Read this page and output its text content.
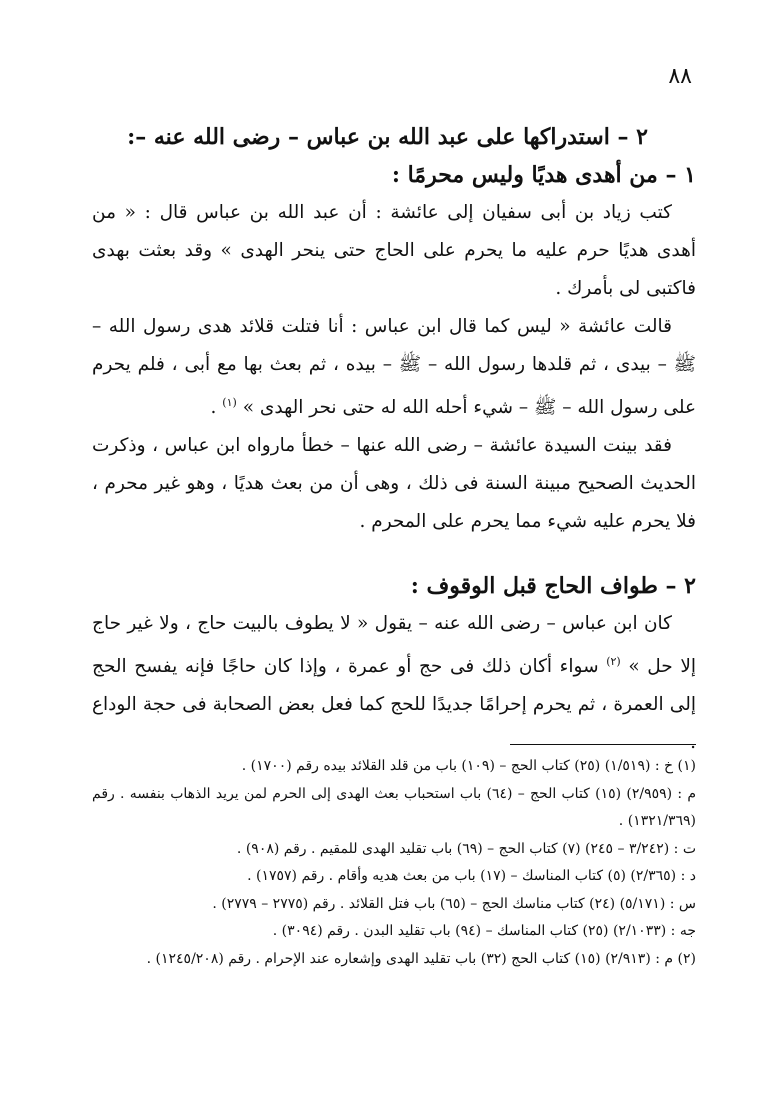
٨٨
٢ – استدراكها على عبد الله بن عباس – رضى الله عنه –:
١ – من أهدى هديًا وليس محرمًا :

كتب زياد بن أبى سفيان إلى عائشة : أن عبد الله بن عباس قال : « من أهدى هديًا حرم عليه ما يحرم على الحاج حتى ينحر الهدى » وقد بعثت بهدى فاكتبى لى بأمرك .

قالت عائشة « ليس كما قال ابن عباس : أنا فتلت قلائد هدى رسول الله – ﷺ – بيدى ، ثم قلدها رسول الله – ﷺ – بيده ، ثم بعث بها مع أبى ، فلم يحرم على رسول الله – ﷺ – شيء أحله الله له حتى نحر الهدى » $^{(١)}$ .

فقد بينت السيدة عائشة – رضى الله عنها – خطأ مارواه ابن عباس ، وذكرت الحديث الصحيح مبينة السنة فى ذلك ، وهى أن من بعث هديًا ، وهو غير محرم ، فلا يحرم عليه شيء مما يحرم على المحرم .

٢ – طواف الحاج قبل الوقوف :

كان ابن عباس – رضى الله عنه – يقول « لا يطوف بالبيت حاج ، ولا غير حاج إلا حل » $^{(٢)}$ سواء أكان ذلك فى حج أو عمرة ، وإذا كان حاجًا فإنه يفسح الحج إلى العمرة ، ثم يحرم إحرامًا جديدًا للحج كما فعل بعض الصحابة فى حجة الوداع .

(١) خ : (١/٥١٩) (٢٥) كتاب الحج – (١٠٩) باب من قلد القلائد بيده رقم (١٧٠٠) .

م : (٢/٩٥٩) (١٥) كتاب الحج – (٦٤) باب استحباب بعث الهدى إلى الحرم لمن يريد الذهاب بنفسه . رقم (١٣٢١/٣٦٩) .

ت : (٣/٢٤٢ – ٢٤٥) (٧) كتاب الحج – (٦٩) باب تقليد الهدى للمقيم . رقم (٩٠٨) .

د : (٢/٣٦٥) (٥) كتاب المناسك – (١٧) باب من بعث هديه وأقام . رقم (١٧٥٧) .

س : (٥/١٧١) (٢٤) كتاب مناسك الحج – (٦٥) باب فتل القلائد . رقم (٢٧٧٥ – ٢٧٧٩) .

جه : (٢/١٠٣٣) (٢٥) كتاب المناسك – (٩٤) باب تقليد البدن . رقم (٣٠٩٤) .

(٢) م : (٢/٩١٣) (١٥) كتاب الحج (٣٢) باب تقليد الهدى وإشعاره عند الإحرام . رقم (١٢٤٥/٢٠٨) .
